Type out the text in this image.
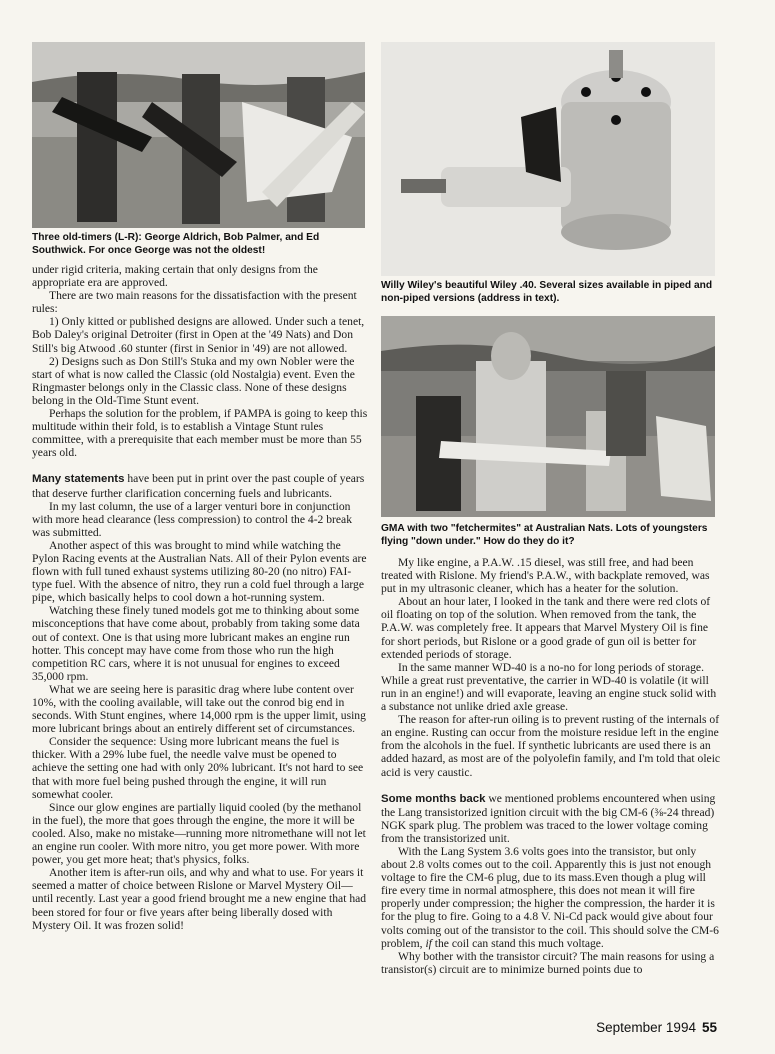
Three old-timers (L-R): George Aldrich, Bob Palmer, and Ed Southwick. For once George was not the oldest!
Willy Wiley's beautiful Wiley .40. Several sizes available in piped and non-piped versions (address in text).
GMA with two "fetchermites" at Australian Nats. Lots of youngsters flying "down under." How do they do it?

under rigid criteria, making certain that only designs from the appropriate era are approved.

There are two main reasons for the dissatisfaction with the present rules:

1) Only kitted or published designs are allowed. Under such a tenet, Bob Daley's original Detroiter (first in Open at the '49 Nats) and Don Still's big Atwood .60 stunter (first in Senior in '49) are not allowed.

2) Designs such as Don Still's Stuka and my own Nobler were the start of what is now called the Classic (old Nostalgia) event. Even the Ringmaster belongs only in the Classic class. None of these designs belong in the Old-Time Stunt event.

Perhaps the solution for the problem, if PAMPA is going to keep this multitude within their fold, is to establish a Vintage Stunt rules committee, with a prerequisite that each member must be more than 55 years old.

Many statements have been put in print over the past couple of years that deserve further clarification concerning fuels and lubricants.

In my last column, the use of a larger venturi bore in conjunction with more head clearance (less compression) to control the 4-2 break was submitted.

Another aspect of this was brought to mind while watching the Pylon Racing events at the Australian Nats. All of their Pylon events are flown with full tuned exhaust systems utilizing 80-20 (no nitro) FAI-type fuel. With the absence of nitro, they run a cold fuel through a large pipe, which basically helps to cool down a hot-running system.

Watching these finely tuned models got me to thinking about some misconceptions that have come about, probably from taking some data out of context. One is that using more lubricant makes an engine run hotter. This concept may have come from those who run the high competition RC cars, where it is not unusual for engines to exceed 35,000 rpm.

What we are seeing here is parasitic drag where lube content over 10%, with the cooling available, will take out the conrod big end in seconds. With Stunt engines, where 14,000 rpm is the upper limit, using more lubricant brings about an entirely different set of circumstances.

Consider the sequence: Using more lubricant means the fuel is thicker. With a 29% lube fuel, the needle valve must be opened to achieve the setting one had with only 20% lubricant. It's not hard to see that with more fuel being pushed through the engine, it will run somewhat cooler.

Since our glow engines are partially liquid cooled (by the methanol in the fuel), the more that goes through the engine, the more it will be cooled. Also, make no mistake—running more nitromethane will not let an engine run cooler. With more nitro, you get more power. With more power, you get more heat; that's physics, folks.

Another item is after-run oils, and why and what to use. For years it seemed a matter of choice between Rislone or Marvel Mystery Oil—until recently. Last year a good friend brought me a new engine that had been stored for four or five years after being liberally dosed with Mystery Oil. It was frozen solid!

My like engine, a P.A.W. .15 diesel, was still free, and had been treated with Rislone. My friend's P.A.W., with backplate removed, was put in my ultrasonic cleaner, which has a heater for the solution.

About an hour later, I looked in the tank and there were red clots of oil floating on top of the solution. When removed from the tank, the P.A.W. was completely free. It appears that Marvel Mystery Oil is fine for short periods, but Rislone or a good grade of gun oil is better for extended periods of storage.

In the same manner WD-40 is a no-no for long periods of storage. While a great rust preventative, the carrier in WD-40 is volatile (it will run in an engine!) and will evaporate, leaving an engine stuck solid with a substance not unlike dried axle grease.

The reason for after-run oiling is to prevent rusting of the internals of an engine. Rusting can occur from the moisture residue left in the engine from the alcohols in the fuel. If synthetic lubricants are used there is an added hazard, as most are of the polyolefin family, and I'm told that oleic acid is very caustic.

Some months back we mentioned problems encountered when using the Lang transistorized ignition circuit with the big CM-6 (⅜-24 thread) NGK spark plug. The problem was traced to the lower voltage coming from the transistorized unit.

With the Lang System 3.6 volts goes into the transistor, but only about 2.8 volts comes out to the coil. Apparently this is just not enough voltage to fire the CM-6 plug, due to its mass.Even though a plug will fire every time in normal atmosphere, this does not mean it will fire properly under compression; the higher the compression, the harder it is for the plug to fire. Going to a 4.8 V. Ni-Cd pack would give about four volts coming out of the transistor to the coil. This should solve the CM-6 problem, if the coil can stand this much voltage.

Why bother with the transistor circuit? The main reasons for using a transistor(s) circuit are to minimize burned points due to

September 1994 55
